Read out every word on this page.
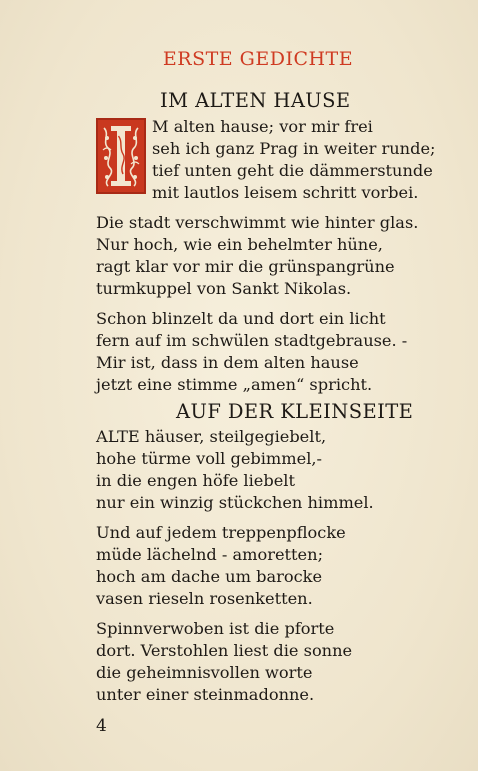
ERSTE GEDICHTE
IM ALTEN HAUSE
M alten hause; vor mir frei
seh ich ganz Prag in weiter runde;
tief unten geht die dämmerstunde
mit lautlos leisem schritt vorbei.
Die stadt verschwimmt wie hinter glas.
Nur hoch, wie ein behelmter hüne,
ragt klar vor mir die grünspangrüne
turmkuppel von Sankt Nikolas.
Schon blinzelt da und dort ein licht
fern auf im schwülen stadtgebrause. -
Mir ist, dass in dem alten hause
jetzt eine stimme „amen“ spricht.
AUF DER KLEINSEITE
ALTE häuser, steilgegiebelt,
hohe türme voll gebimmel,-
in die engen höfe liebelt
nur ein winzig stückchen himmel.
Und auf jedem treppenpflocke
müde lächelnd - amoretten;
hoch am dache um barocke
vasen rieseln rosenketten.
Spinnverwoben ist die pforte
dort. Verstohlen liest die sonne
die geheimnisvollen worte
unter einer steinmadonne.
4
